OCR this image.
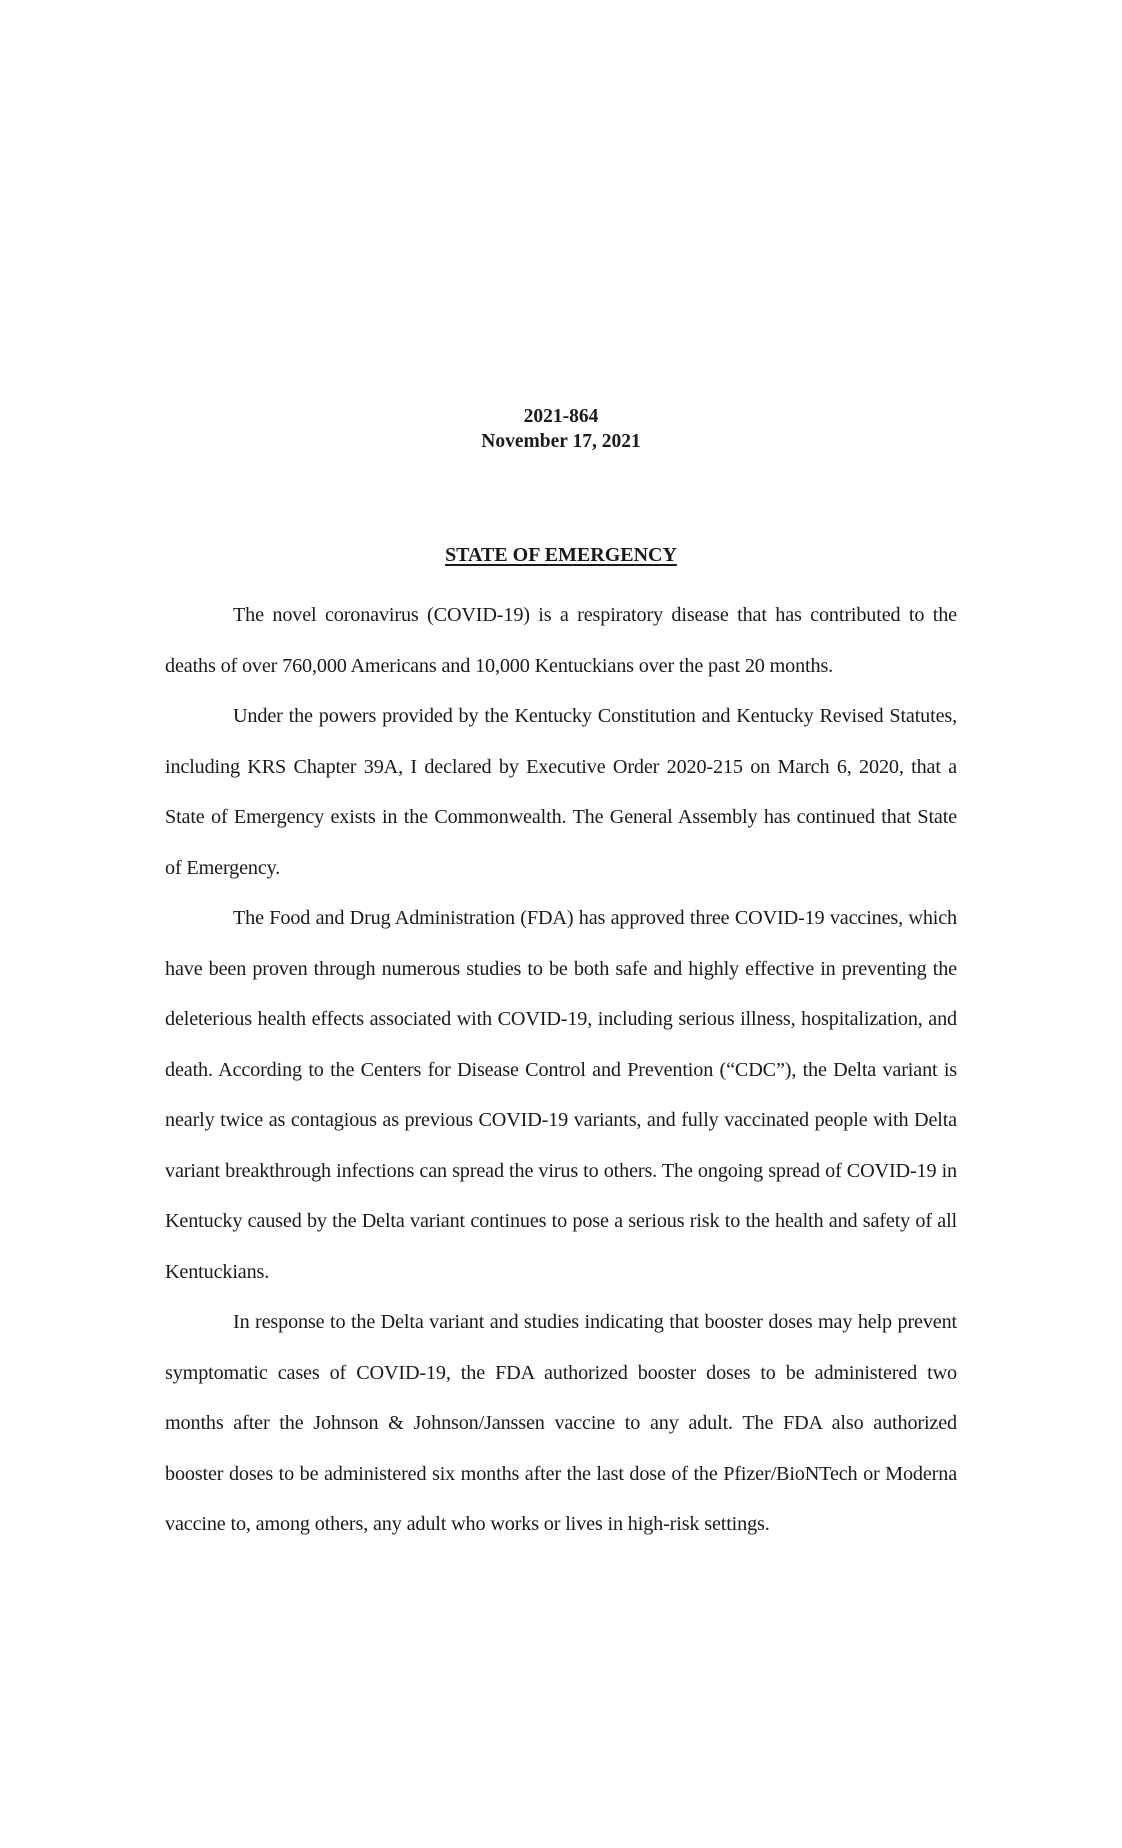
2021-864
November 17, 2021
STATE OF EMERGENCY

The novel coronavirus (COVID-19) is a respiratory disease that has contributed to the deaths of over 760,000 Americans and 10,000 Kentuckians over the past 20 months.

Under the powers provided by the Kentucky Constitution and Kentucky Revised Statutes, including KRS Chapter 39A, I declared by Executive Order 2020-215 on March 6, 2020, that a State of Emergency exists in the Commonwealth. The General Assembly has continued that State of Emergency.

The Food and Drug Administration (FDA) has approved three COVID-19 vaccines, which have been proven through numerous studies to be both safe and highly effective in preventing the deleterious health effects associated with COVID-19, including serious illness, hospitalization, and death. According to the Centers for Disease Control and Prevention (“CDC”), the Delta variant is nearly twice as contagious as previous COVID-19 variants, and fully vaccinated people with Delta variant breakthrough infections can spread the virus to others. The ongoing spread of COVID-19 in Kentucky caused by the Delta variant continues to pose a serious risk to the health and safety of all Kentuckians.

In response to the Delta variant and studies indicating that booster doses may help prevent symptomatic cases of COVID-19, the FDA authorized booster doses to be administered two months after the Johnson & Johnson/Janssen vaccine to any adult. The FDA also authorized booster doses to be administered six months after the last dose of the Pfizer/BioNTech or Moderna vaccine to, among others, any adult who works or lives in high-risk settings.
